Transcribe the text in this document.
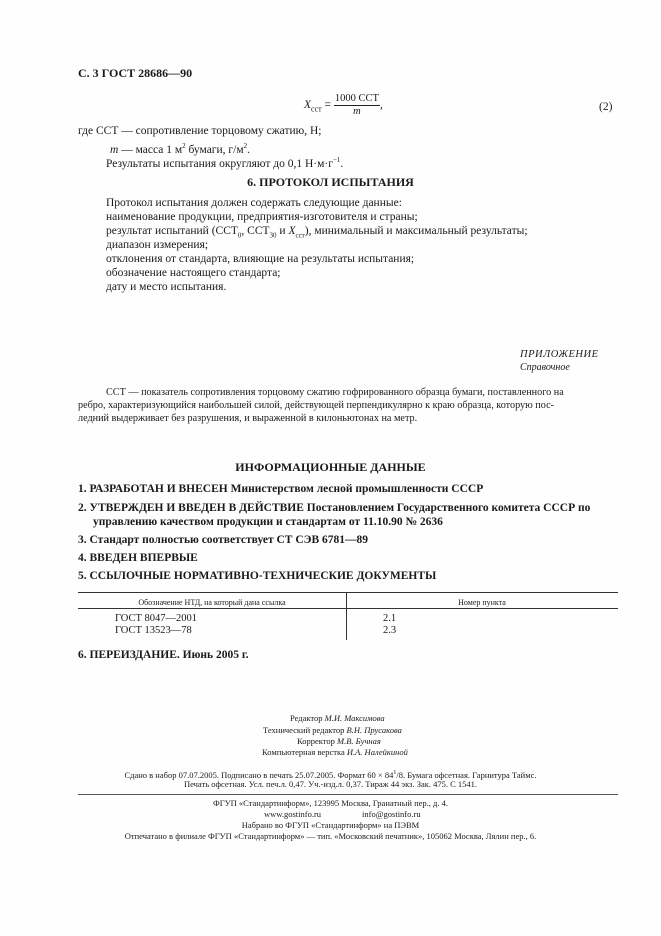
С. 3 ГОСТ 28686—90
$X_{сст} = \frac{\text{1000 ССТ}}{m}$ ,	(2)
где ССТ — сопротивление торцовому сжатию, Н;
m — масса 1 $м^2$ бумаги, $г/м^2$.
Результаты испытания округляют до 0,1 $Н\cdot м\cdot г^{-1}$.
6. ПРОТОКОЛ ИСПЫТАНИЯ
Протокол испытания должен содержать следующие данные:
наименование продукции, предприятия-изготовителя и страны;
результат испытаний ($ССТ_0$, $ССТ_{30}$ и $X_{сст}$), минимальный и максимальный результаты;
диапазон измерения;
отклонения от стандарта, влияющие на результаты испытания;
обозначение настоящего стандарта;
дату и место испытания.
ПРИЛОЖЕНИЕ
Справочное
ССТ — показатель сопротивления торцовому сжатию гофрированного образца бумаги, поставленного на
ребро, характеризующийся наибольшей силой, действующей перпендикулярно к краю образца, которую пос-
ледний выдерживает без разрушения, и выраженной в килоньютонах на метр.
ИНФОРМАЦИОННЫЕ ДАННЫЕ
1. РАЗРАБОТАН И ВНЕСЕН Министерством лесной промышленности СССР
2. УТВЕРЖДЕН И ВВЕДЕН В ДЕЙСТВИЕ Постановлением Государственного комитета СССР по
управлению качеством продукции и стандартам от 11.10.90 № 2636
3. Стандарт полностью соответствует СТ СЭВ 6781—89
4. ВВЕДЕН ВПЕРВЫЕ
5. ССЫЛОЧНЫЕ НОРМАТИВНО-ТЕХНИЧЕСКИЕ ДОКУМЕНТЫ
Обозначение НТД, на который дана ссылка	Номер пункта
ГОСТ 8047—2001	2.1
ГОСТ 13523—78	2.3
6. ПЕРЕИЗДАНИЕ. Июнь 2005 г.
Редактор М.И. Максимова
Технический редактор В.Н. Прусакова
Корректор М.В. Бучная
Компьютерная верстка И.А. Налейкиной
Сдано в набор 07.07.2005. Подписано в печать 25.07.2005. Формат $60 \times 84^1/8$. Бумага офсетная. Гарнитура Таймс.
Печать офсетная. Усл. печ.л. 0,47. Уч.-изд.л. 0,37. Тираж 44 экз. Зак. 475. С 1541.
ФГУП «Стандартинформ», 123995 Москва, Гранатный пер., д. 4.
www.gostinfo.ru	info@gostinfo.ru
Набрано во ФГУП «Стандартинформ» на ПЭВМ
Отпечатано в филиале ФГУП «Стандартинформ» — тип. «Московский печатник», 105062 Москва, Лялин пер., 6.
